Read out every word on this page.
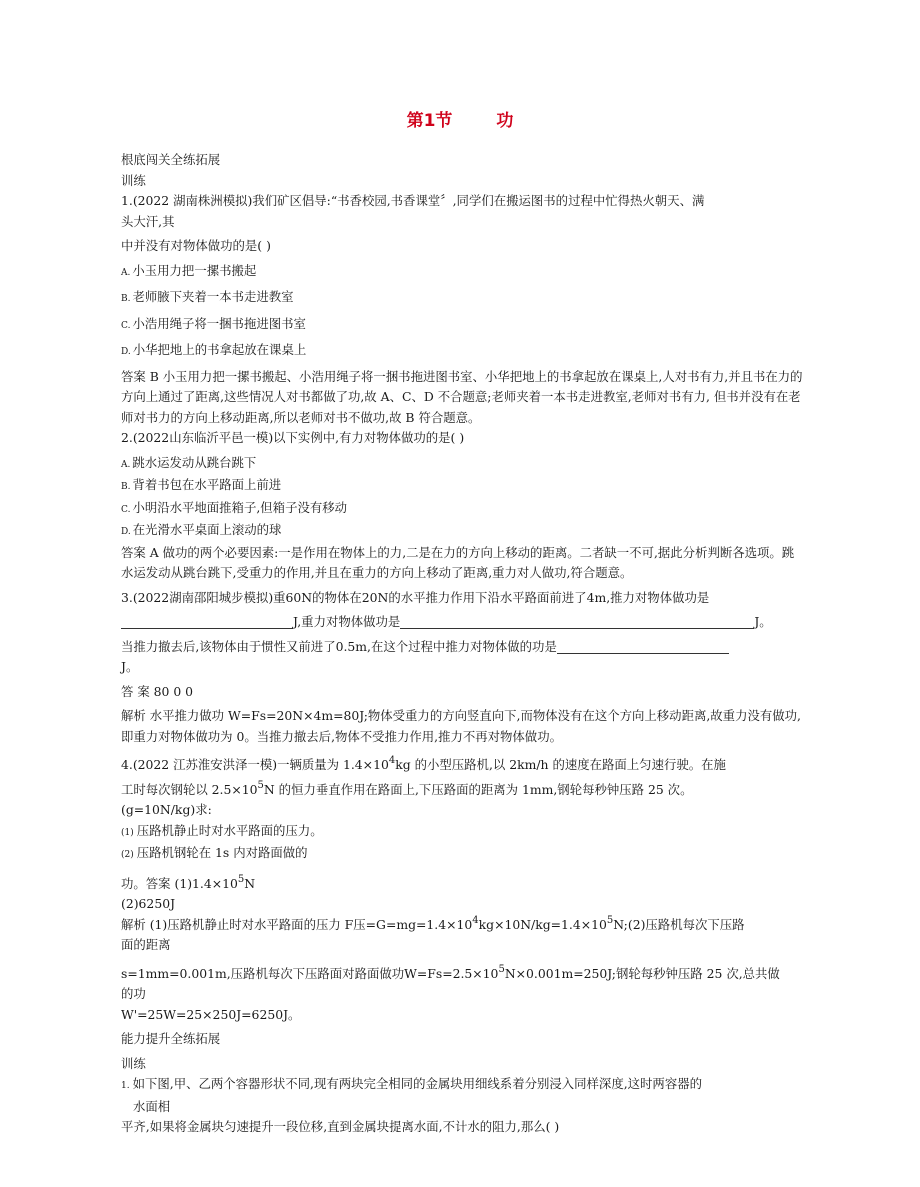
第1节	功
根底闯关全练拓展
训练
1.(2022 湖南株洲模拟)我们矿区倡导:“书香校园,书香课堂〞,同学们在搬运图书的过程中忙得热火朝天、满
头大汗,其
中并没有对物体做功的是( )
A. 小玉用力把一摞书搬起
B. 老师腋下夹着一本书走进教室
C. 小浩用绳子将一捆书拖进图书室
D. 小华把地上的书拿起放在课桌上
答案 B 小玉用力把一摞书搬起、小浩用绳子将一捆书拖进图书室、小华把地上的书拿起放在课桌上,人对书有力,并且书在力的方向上通过了距离,这些情况人对书都做了功,故 A、C、D 不合题意;老师夹着一本书走进教室,老师对书有力, 但书并没有在老师对书力的方向上移动距离,所以老师对书不做功,故 B 符合题意。
2.(2022山东临沂平邑一模)以下实例中,有力对物体做功的是( )
A. 跳水运发动从跳台跳下
B. 背着书包在水平路面上前进
C. 小明沿水平地面推箱子,但箱子没有移动
D. 在光滑水平桌面上滚动的球
答案 A 做功的两个必要因素:一是作用在物体上的力,二是在力的方向上移动的距离。二者缺一不可,据此分析判断各选项。跳水运发动从跳台跳下,受重力的作用,并且在重力的方向上移动了距离,重力对人做功,符合题意。
3.(2022湖南邵阳城步模拟)重60N的物体在20N的水平推力作用下沿水平路面前进了4m,推力对物体做功是
J,重力对物体做功是	J。
当推力撤去后,该物体由于惯性又前进了0.5m,在这个过程中推力对物体做的功是
J。
答 案 80 0 0
解析 水平推力做功 W=Fs=20N×4m=80J;物体受重力的方向竖直向下,而物体没有在这个方向上移动距离,故重力没有做功,即重力对物体做功为 0。当推力撤去后,物体不受推力作用,推力不再对物体做功。
4.(2022 江苏淮安洪泽一模)一辆质量为 $1.4\times 10^4kg$ 的小型压路机,以 2km/h 的速度在路面上匀速行驶。在施
工时每次钢轮以 $2.5\times 10^5N$ 的恒力垂直作用在路面上,下压路面的距离为 1mm,钢轮每秒钟压路 25 次。
(g=10N/kg)求:
(1) 压路机静止时对水平路面的压力。
(2) 压路机钢轮在 1s 内对路面做的
功。答案 $(1)1.4\times 10^5N$
(2)6250J
解析 (1)压路机静止时对水平路面的压力 F压$=G=mg=1.4\times 10^4kg\times 10N/kg=1.4\times 10^5N;(2)$压路机每次下压路
面的距离
s=1mm=0.001m,压路机每次下压路面对路面做功$W=Fs=2.5\times 10^5N\times 0.001m=250J$;钢轮每秒钟压路 25 次,总共做
的功
W'=25W=25×250J=6250J。
能力提升全练拓展
训练
1. 如下图,甲、乙两个容器形状不同,现有两块完全相同的金属块用细线系着分别浸入同样深度,这时两容器的
水面相
平齐,如果将金属块匀速提升一段位移,直到金属块提离水面,不计水的阻力,那么( )
